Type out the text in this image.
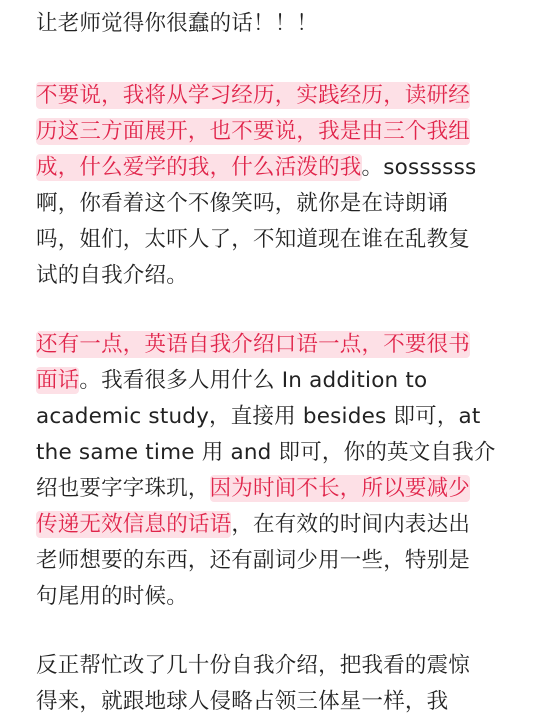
让老师觉得你很蠢的话！！！
不要说，我将从学习经历，实践经历，读研经
历这三方面展开，也不要说，我是由三个我组
成，什么爱学的我，什么活泼的我。sossssss
啊，你看着这个不像笑吗，就你是在诗朗诵
吗，姐们，太吓人了，不知道现在谁在乱教复
试的自我介绍。
还有一点，英语自我介绍口语一点，不要很书
面话。我看很多人用什么 In addition to
academic study，直接用 besides 即可，at
the same time 用 and 即可，你的英文自我介
绍也要字字珠玑，因为时间不长，所以要减少
传递无效信息的话语，在有效的时间内表达出
老师想要的东西，还有副词少用一些，特别是
句尾用的时候。
反正帮忙改了几十份自我介绍，把我看的震惊
得来，就跟地球人侵略占领三体星一样，我
